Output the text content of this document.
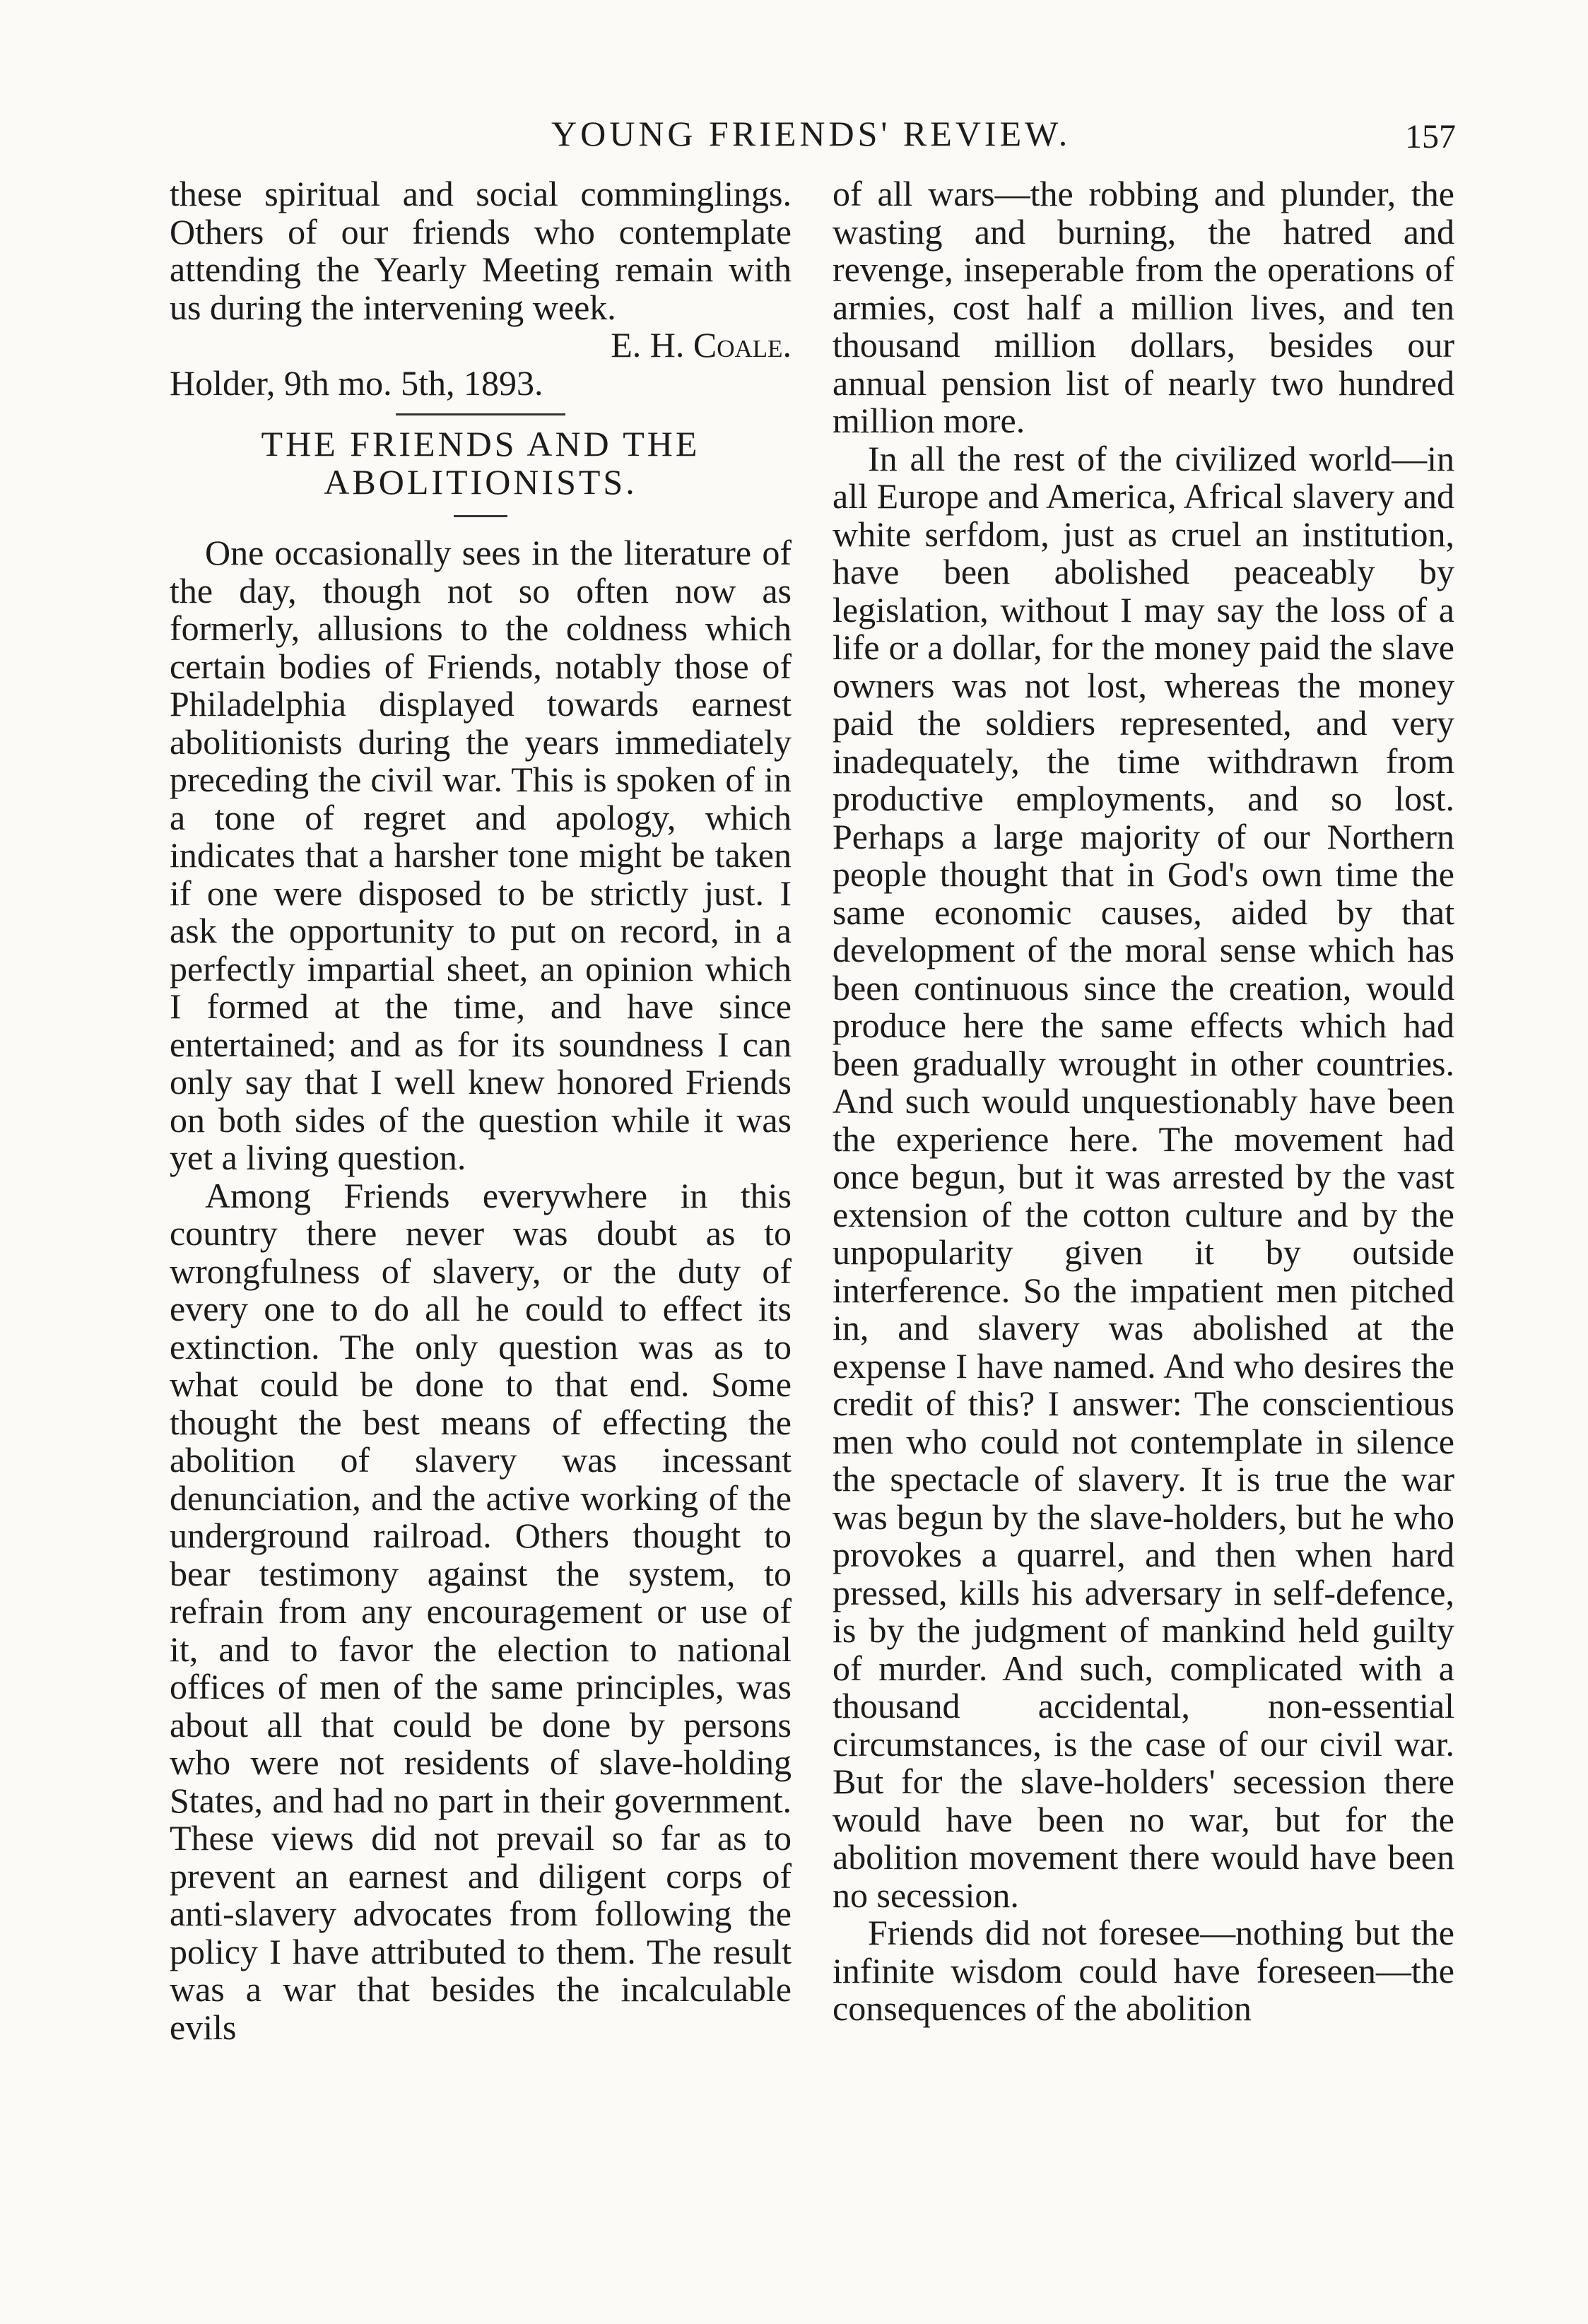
YOUNG FRIENDS' REVIEW.	157

these spiritual and social comminglings. Others of our friends who contemplate attending the Yearly Meeting remain with us during the intervening week.

E. H. Coale.

Holder, 9th mo. 5th, 1893.

THE FRIENDS AND THE

ABOLITIONISTS.

One occasionally sees in the literature of the day, though not so often now as formerly, allusions to the coldness which certain bodies of Friends, notably those of Philadelphia displayed towards earnest abolitionists during the years immediately preceding the civil war. This is spoken of in a tone of regret and apology, which indicates that a harsher tone might be taken if one were disposed to be strictly just. I ask the opportunity to put on record, in a perfectly impartial sheet, an opinion which I formed at the time, and have since entertained; and as for its soundness I can only say that I well knew honored Friends on both sides of the question while it was yet a living question.

Among Friends everywhere in this country there never was doubt as to wrongfulness of slavery, or the duty of every one to do all he could to effect its extinction. The only question was as to what could be done to that end. Some thought the best means of effecting the abolition of slavery was incessant denunciation, and the active working of the underground railroad. Others thought to bear testimony against the system, to refrain from any encouragement or use of it, and to favor the election to national offices of men of the same principles, was about all that could be done by persons who were not residents of slave-holding States, and had no part in their government. These views did not prevail so far as to prevent an earnest and diligent corps of anti-slavery advocates from following the policy I have attributed to them. The result was a war that besides the incalculable evils

of all wars—the robbing and plunder, the wasting and burning, the hatred and revenge, inseperable from the operations of armies, cost half a million lives, and ten thousand million dollars, besides our annual pension list of nearly two hundred million more.

In all the rest of the civilized world—in all Europe and America, Africal slavery and white serfdom, just as cruel an institution, have been abolished peaceably by legislation, without I may say the loss of a life or a dollar, for the money paid the slave owners was not lost, whereas the money paid the soldiers represented, and very inadequately, the time withdrawn from productive employments, and so lost. Perhaps a large majority of our Northern people thought that in God's own time the same economic causes, aided by that development of the moral sense which has been continuous since the creation, would produce here the same effects which had been gradually wrought in other countries. And such would unquestionably have been the experience here. The movement had once begun, but it was arrested by the vast extension of the cotton culture and by the unpopularity given it by outside interference. So the impatient men pitched in, and slavery was abolished at the expense I have named. And who desires the credit of this? I answer: The conscientious men who could not contemplate in silence the spectacle of slavery. It is true the war was begun by the slave-holders, but he who provokes a quarrel, and then when hard pressed, kills his adversary in self-defence, is by the judgment of mankind held guilty of murder. And such, complicated with a thousand accidental, non-essential circumstances, is the case of our civil war. But for the slave-holders' secession there would have been no war, but for the abolition movement there would have been no secession.

Friends did not foresee—nothing but the infinite wisdom could have foreseen—the consequences of the abolition
